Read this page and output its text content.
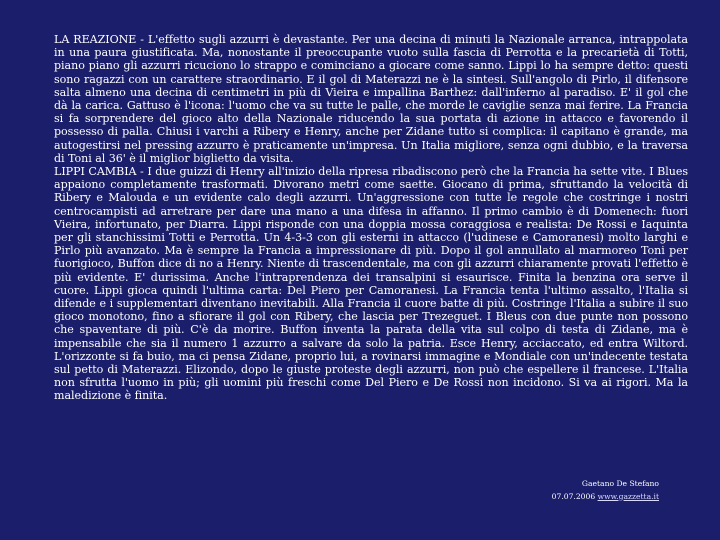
LA REAZIONE - L'effetto sugli azzurri è devastante. Per una decina di minuti la Nazionale arranca, intrappolata in una paura giustificata. Ma, nonostante il preoccupante vuoto sulla fascia di Perrotta e la precarietà di Totti, piano piano gli azzurri ricuciono lo strappo e cominciano a giocare come sanno. Lippi lo ha sempre detto: questi sono ragazzi con un carattere straordinario. E il gol di Materazzi ne è la sintesi. Sull'angolo di Pirlo, il difensore salta almeno una decina di centimetri in più di Vieira e impallina Barthez: dall'inferno al paradiso. E' il gol che dà la carica. Gattuso è l'icona: l'uomo che va su tutte le palle, che morde le caviglie senza mai ferire. La Francia si fa sorprendere del gioco alto della Nazionale riducendo la sua portata di azione in attacco e favorendo il possesso di palla. Chiusi i varchi a Ribery e Henry, anche per Zidane tutto si complica: il capitano è grande, ma autogestirsi nel pressing azzurro è praticamente un'impresa. Un Italia migliore, senza ogni dubbio, e la traversa di Toni al 36' è il miglior biglietto da visita.

LIPPI CAMBIA - I due guizzi di Henry all'inizio della ripresa ribadiscono però che la Francia ha sette vite. I Blues appaiono completamente trasformati. Divorano metri come saette. Giocano di prima, sfruttando la velocità di Ribery e Malouda e un evidente calo degli azzurri. Un'aggressione con tutte le regole che costringe i nostri centrocampisti ad arretrare per dare una mano a una difesa in affanno. Il primo cambio è di Domenech: fuori Vieira, infortunato, per Diarra. Lippi risponde con una doppia mossa coraggiosa e realista: De Rossi e Iaquinta per gli stanchissimi Totti e Perrotta. Un 4-3-3 con gli esterni in attacco (l'udinese e Camoranesi) molto larghi e Pirlo più avanzato. Ma è sempre la Francia a impressionare di più. Dopo il gol annullato al marmoreo Toni per fuorigioco, Buffon dice di no a Henry. Niente di trascendentale, ma con gli azzurri chiaramente provati l'effetto è più evidente. E' durissima. Anche l'intraprendenza dei transalpini si esaurisce. Finita la benzina ora serve il cuore. Lippi gioca quindi l'ultima carta: Del Piero per Camoranesi. La Francia tenta l'ultimo assalto, l'Italia si difende e i supplementari diventano inevitabili. Alla Francia il cuore batte di più. Costringe l'Italia a subire il suo gioco monotono, fino a sfiorare il gol con Ribery, che lascia per Trezeguet. I Bleus con due punte non possono che spaventare di più. C'è da morire. Buffon inventa la parata della vita sul colpo di testa di Zidane, ma è impensabile che sia il numero 1 azzurro a salvare da solo la patria. Esce Henry, acciaccato, ed entra Wiltord. L'orizzonte si fa buio, ma ci pensa Zidane, proprio lui, a rovinarsi immagine e Mondiale con un'indecente testata sul petto di Materazzi. Elizondo, dopo le giuste proteste degli azzurri, non può che espellere il francese. L'Italia non sfrutta l'uomo in più; gli uomini più freschi come Del Piero e De Rossi non incidono. Si va ai rigori. Ma la maledizione è finita.

Gaetano De Stefano
07.07.2006 www.gazzetta.it
